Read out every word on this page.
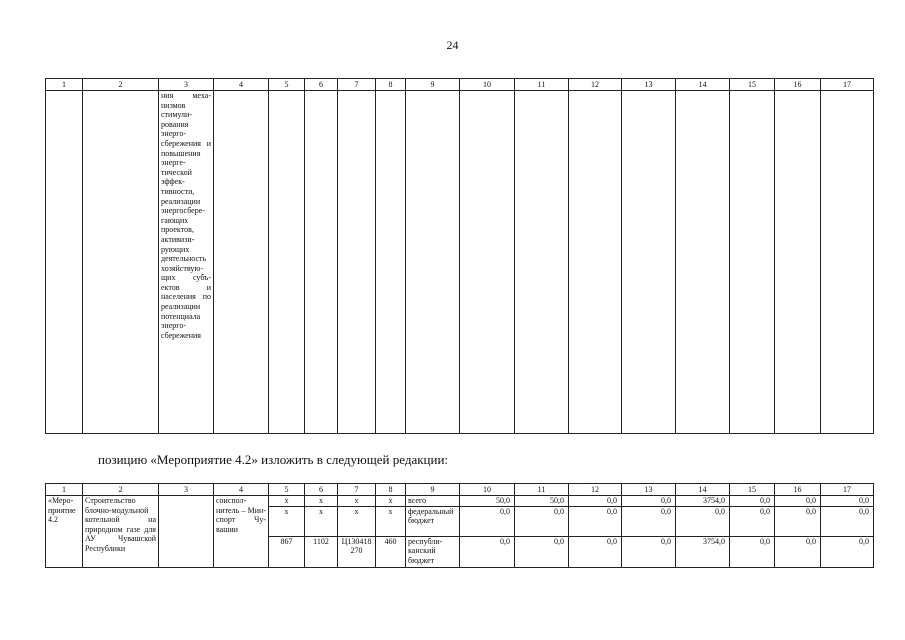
24
1	2	3	4	5	6	7	8	9	10	11	12	13	14	15	16	17
		ния механизмов стимулирования энергосбережения и повышения энергетической эффективности, реализации энергосберегающих проектов, активизирующих деятельность хозяйствующих субъектов и населения по реализации потенциала энергосбережения														
позицию «Мероприятие 4.2» изложить в следующей редакции:
1	2	3	4	5	6	7	8	9	10	11	12	13	14	15	16	17
«Мероприятие 4.2	Строительство блочно-модульной котельной на природном газе для АУ Чувашской Республики		соисполнитель – Минспорт Чувашии	x	x	x	x	всего	50,0	50,0	0,0	0,0	3754,0	0,0	0,0	0,0
				x	x	x	x	федеральный бюджет	0,0	0,0	0,0	0,0	0,0	0,0	0,0	0,0
				867	1102	Ц130418 270	460	республиканский бюджет	0,0	0,0	0,0	0,0	3754,0	0,0	0,0	0,0
